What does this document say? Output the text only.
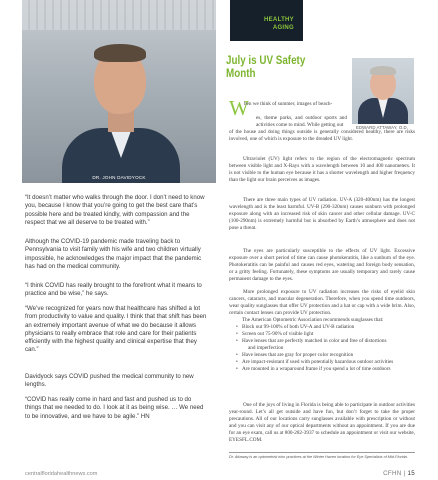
DR. JOHN DAVIDYOCK

“It doesn’t matter who walks through the door. I don’t need to know you, because I know that you’re going to get the best care that’s possible here and be treated kindly, with compassion and the respect that we all deserve to be treated with.”

Although the COVID-19 pandemic made traveling back to Pennsylvania to visit family with his wife and two children virtually impossible, he acknowledges the major impact that the pandemic has had on the medical community.

“I think COVID has really brought to the forefront what it means to practice and be wise,” he says.

“We’ve recognized for years now that healthcare has shifted a lot from productivity to value and quality. I think that that shift has been an extremely important avenue of what we do because it allows physicians to really embrace that role and care for their patients efficiently with the highest quality and clinical expertise that they can.”

Davidyock says COVID pushed the medical community to new lengths.

“COVID has really come in hard and fast and pushed us to do things that we needed to do. I look at it as being wise. … We need to be innovative, and we have to be agile.” HN

centralfloridahealthnews.com
HEALTHY
AGING
July is UV Safety Month
EDWARD ATTAWAY, O.D.
W

hen we think of summer, images of beach-

es, theme parks, and outdoor sports and activities come to mind. While getting out

of the house and doing things outside is generally considered healthy, there are risks involved, one of which is exposure to the dreaded UV light.

Ultraviolet (UV) light refers to the region of the electromagnetic spectrum between visible light and X-Rays with a wavelength between 10 and 400 nanometers. It is not visible to the human eye because it has a shorter wavelength and higher frequency than the light our brain perceives as images.

There are three main types of UV radiation. UV-A (320-400nm) has the longest wavelength and is the least harmful. UV-B (290-320nm) causes sunburn with prolonged exposure along with an increased risk of skin cancer and other cellular damage. UV-C (100-290nm) is extremely harmful but is absorbed by Earth’s atmosphere and does not pose a threat.

The eyes are particularly susceptible to the effects of UV light. Excessive exposure over a short period of time can cause photokeratitis, like a sunburn of the eye. Photokeratitis can be painful and causes red eyes, watering and foreign body sensation, or a gritty feeling. Fortunately, these symptoms are usually temporary and rarely cause permanent damage to the eyes.

More prolonged exposure to UV radiation increases the risks of eyelid skin cancers, cataracts, and macular degeneration. Therefore, when you spend time outdoors, wear quality sunglasses that offer UV protection and a hat or cap with a wide brim. Also, certain contact lenses can provide UV protection.

The American Optometric Association recommends sunglasses that:
• Block out 99-100% of both UV-A and UV-B radiation
• Screen out 75-90% of visible light
• Have lenses that are perfectly matched in color and free of distortions
and imperfection
• Have lenses that are gray for proper color recognition
• Are impact-resistant if used with potentially hazardous outdoor activities
• Are mounted in a wraparound frame if you spend a lot of time outdoors

One of the joys of living in Florida is being able to participate in outdoor activities year-round. Let’s all get outside and have fun, but don’t forget to take the proper precautions. All of our locations carry sunglasses available with prescription or without and you can visit any of our optical departments without an appointment. If you are due for an eye exam, call us at 800-282-3937 to schedule an appointment or visit our website, EYESFL.COM.

Dr. Attaway is an optometrist who practices at the Winter Haven location for Eye Specialists of Mid-Florida.

CFHN | 15
